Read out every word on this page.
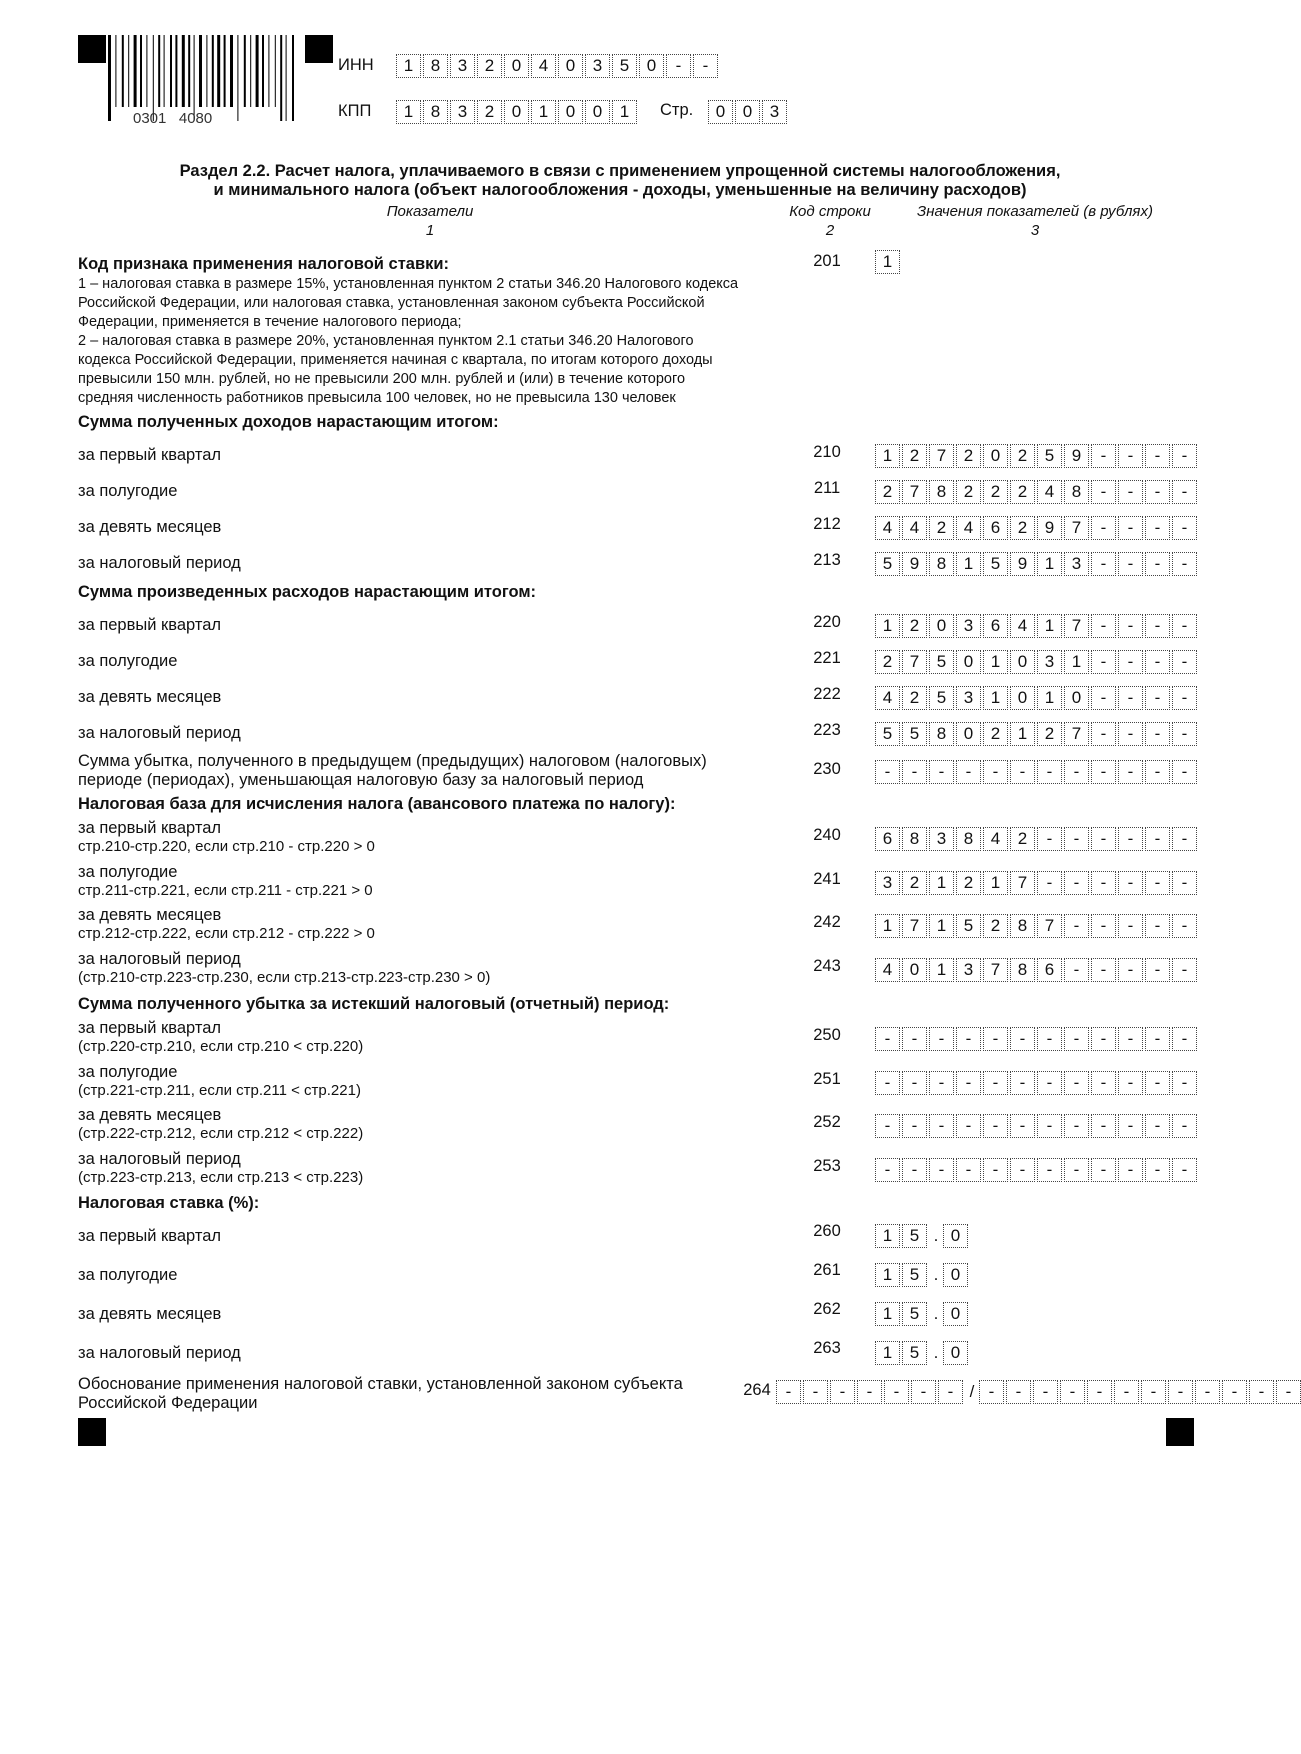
0301   4080
ИНН	1	8	3	2	0	4	0	3	5	0	-	-
КПП	1	8	3	2	0	1	0	0	1	Стр.	0	0	3
Раздел 2.2. Расчет налога, уплачиваемого в связи с применением упрощенной системы налогообложения,
и минимального налога (объект налогообложения - доходы, уменьшенные на величину расходов)
Показатели
1
Код строки
2
Значения показателей (в рублях)
3
Код признака применения налоговой ставки:
1 – налоговая ставка в размере 15%, установленная пунктом 2 статьи 346.20 Налогового кодекса
Российской Федерации, или налоговая ставка, установленная законом субъекта Российской
Федерации, применяется в течение налогового периода;
2 – налоговая ставка в размере 20%, установленная пунктом 2.1 статьи 346.20 Налогового
кодекса Российской Федерации, применяется начиная с квартала, по итогам которого доходы
превысили 150 млн. рублей, но не превысили 200 млн. рублей и (или) в течение которого
средняя численность работников превысила 100 человек, но не превысила 130 человек
201	1
Сумма полученных доходов нарастающим итогом:
за первый квартал	210	1	2	7	2	0	2	5	9	-	-	-	-
за полугодие	211	2	7	8	2	2	2	4	8	-	-	-	-
за девять месяцев	212	4	4	2	4	6	2	9	7	-	-	-	-
за налоговый период	213	5	9	8	1	5	9	1	3	-	-	-	-
Сумма произведенных расходов нарастающим итогом:
за первый квартал	220	1	2	0	3	6	4	1	7	-	-	-	-
за полугодие	221	2	7	5	0	1	0	3	1	-	-	-	-
за девять месяцев	222	4	2	5	3	1	0	1	0	-	-	-	-
за налоговый период	223	5	5	8	0	2	1	2	7	-	-	-	-
Сумма убытка, полученного в предыдущем (предыдущих) налоговом (налоговых)
периоде (периодах), уменьшающая налоговую базу за налоговый период
230	-	-	-	-	-	-	-	-	-	-	-	-
Налоговая база для исчисления налога (авансового платежа по налогу):
за первый квартал
стр.210-стр.220, если стр.210 - стр.220 > 0
240	6	8	3	8	4	2	-	-	-	-	-	-
за полугодие
стр.211-стр.221, если стр.211 - стр.221 > 0
241	3	2	1	2	1	7	-	-	-	-	-	-
за девять месяцев
стр.212-стр.222, если стр.212 - стр.222 > 0
242	1	7	1	5	2	8	7	-	-	-	-	-
за налоговый период
(стр.210-стр.223-стр.230, если стр.213-стр.223-стр.230 > 0)
243	4	0	1	3	7	8	6	-	-	-	-	-
Сумма полученного убытка за истекший налоговый (отчетный) период:
за первый квартал
(стр.220-стр.210, если стр.210 < стр.220)
250	-	-	-	-	-	-	-	-	-	-	-	-
за полугодие
(стр.221-стр.211, если стр.211 < стр.221)
251	-	-	-	-	-	-	-	-	-	-	-	-
за девять месяцев
(стр.222-стр.212, если стр.212 < стр.222)
252	-	-	-	-	-	-	-	-	-	-	-	-
за налоговый период
(стр.223-стр.213, если стр.213 < стр.223)
253	-	-	-	-	-	-	-	-	-	-	-	-
Налоговая ставка (%):
за первый квартал	260	1	5 . 0
за полугодие	261	1	5 . 0
за девять месяцев	262	1	5 . 0
за налоговый период	263	1	5 . 0
Обоснование применения налоговой ставки, установленной законом субъекта
Российской Федерации
264 -	-	-	-	-	-	- / -	-	-	-	-	-	-	-	-	-	-	-
